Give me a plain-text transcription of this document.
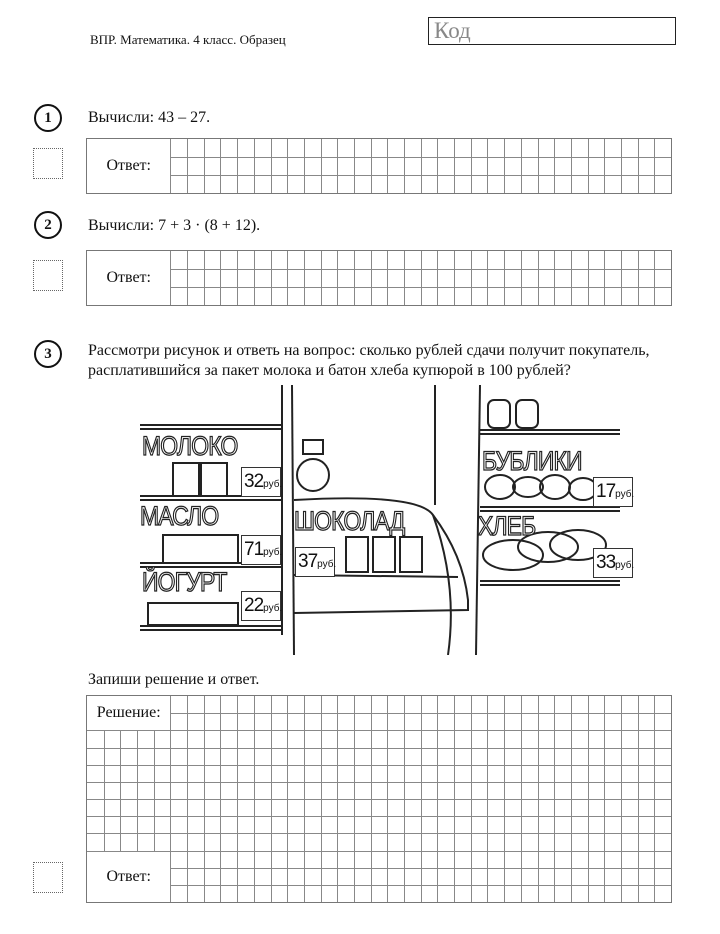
ВПР. Математика. 4 класс. Образец	Код
1	Вычисли: 43 – 27.
Ответ:
2	Вычисли: 7 + 3 · (8 + 12).
Ответ:
3	Рассмотри рисунок и ответь на вопрос: сколько рублей сдачи получит покупатель, расплатившийся за пакет молока и батон хлеба купюрой в 100 рублей?
МОЛОКО
32руб.
МАСЛО
71руб.
ЙОГУРТ
22руб.
ШОКОЛАД
37руб.
БУБЛИКИ
17руб.
ХЛЕБ
33руб.
Запиши решение и ответ.
Решение:
Ответ:
